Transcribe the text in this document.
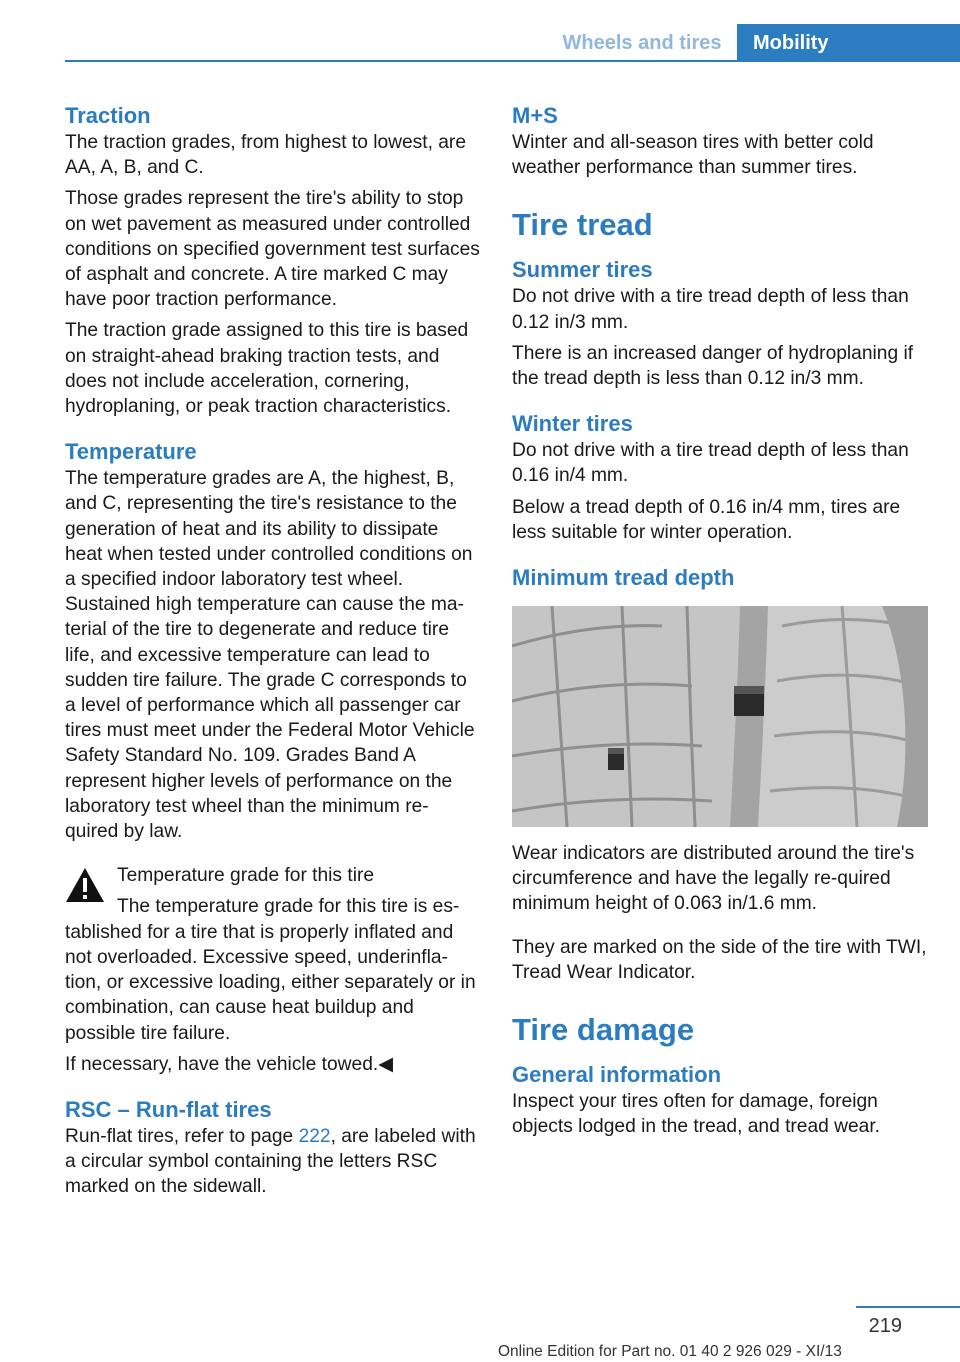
Wheels and tires	Mobility
Traction

The traction grades, from highest to lowest, are AA, A, B, and C.

Those grades represent the tire's ability to stop on wet pavement as measured under controlled conditions on specified government test surfaces of asphalt and concrete. A tire marked C may have poor traction performance.

The traction grade assigned to this tire is based on straight-ahead braking traction tests, and does not include acceleration, cornering, hydroplaning, or peak traction characteristics.

Temperature

The temperature grades are A, the highest, B, and C, representing the tire's resistance to the generation of heat and its ability to dissipate heat when tested under controlled conditions on a specified indoor laboratory test wheel. Sustained high temperature can cause the ma‐terial of the tire to degenerate and reduce tire life, and excessive temperature can lead to sudden tire failure. The grade C corresponds to a level of performance which all passenger car tires must meet under the Federal Motor Vehicle Safety Standard No. 109. Grades Band A represent higher levels of performance on the laboratory test wheel than the minimum re‐quired by law.

Temperature grade for this tire

The temperature grade for this tire is es‐tablished for a tire that is properly inflated and not overloaded. Excessive speed, underinfla‐tion, or excessive loading, either separately or in combination, can cause heat buildup and possible tire failure.

If necessary, have the vehicle towed.◀

RSC – Run-flat tires

Run-flat tires, refer to page 222, are labeled with a circular symbol containing the letters RSC marked on the sidewall.

M+S

Winter and all-season tires with better cold weather performance than summer tires.

Tire tread
Summer tires

Do not drive with a tire tread depth of less than 0.12 in/3 mm.

There is an increased danger of hydroplaning if the tread depth is less than 0.12 in/3 mm.

Winter tires

Do not drive with a tire tread depth of less than 0.16 in/4 mm.

Below a tread depth of 0.16 in/4 mm, tires are less suitable for winter operation.

Minimum tread depth

Wear indicators are distributed around the tire's circumference and have the legally re‐quired minimum height of 0.063 in/1.6 mm.

They are marked on the side of the tire with TWI, Tread Wear Indicator.

Tire damage
General information

Inspect your tires often for damage, foreign objects lodged in the tread, and tread wear.

219
Online Edition for Part no. 01 40 2 926 029 - XI/13
